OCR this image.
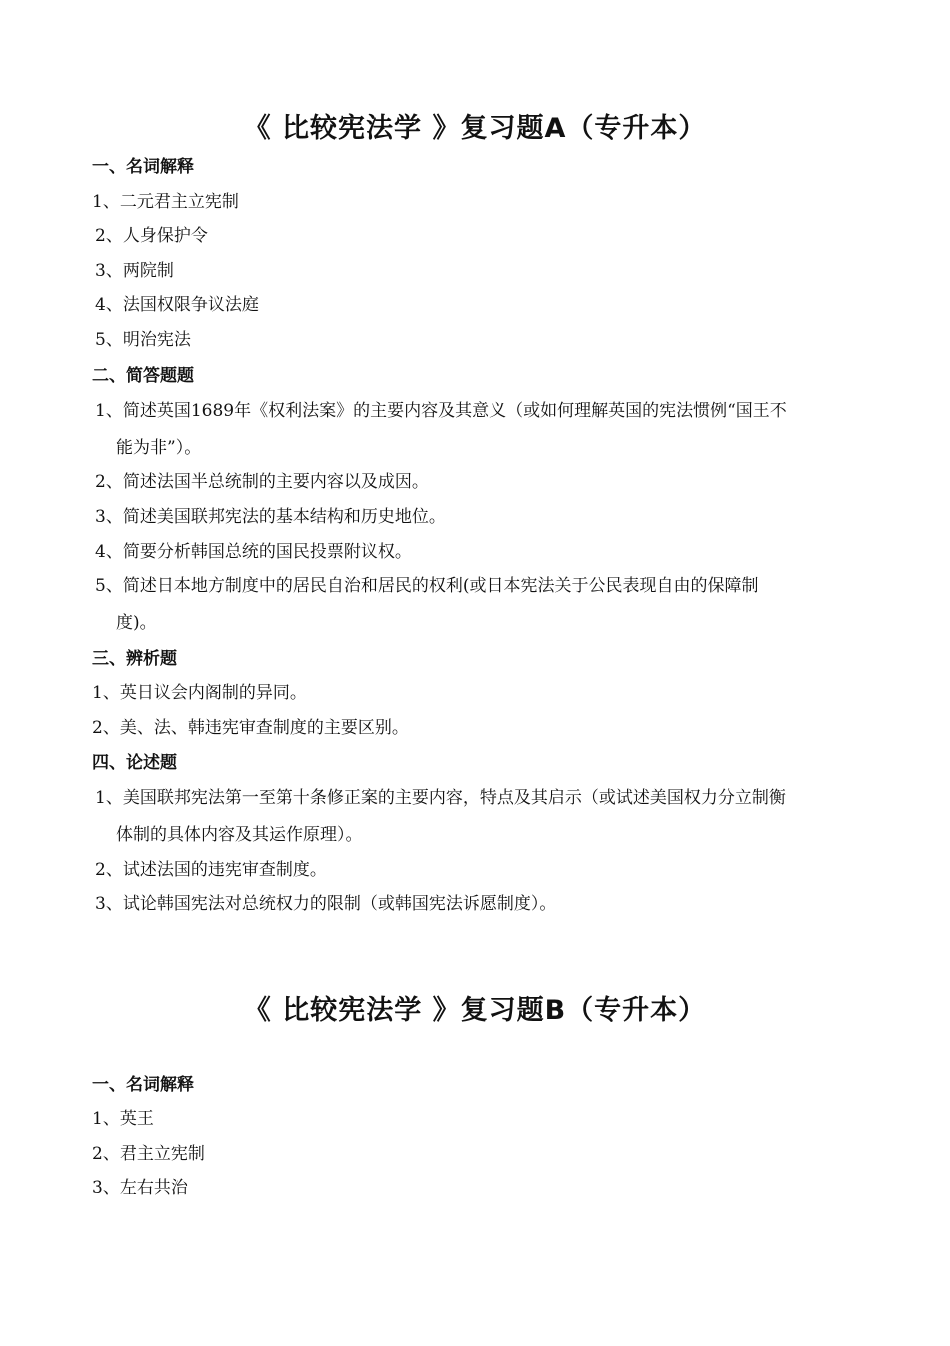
《 比较宪法学 》复习题A（专升本）
一、名词解释
1、二元君主立宪制
2、人身保护令
3、两院制
4、法国权限争议法庭
5、明治宪法
二、简答题题
1、简述英国1689年《权利法案》的主要内容及其意义（或如何理解英国的宪法惯例“国王不
能为非”）。
2、简述法国半总统制的主要内容以及成因。
3、简述美国联邦宪法的基本结构和历史地位。
4、简要分析韩国总统的国民投票附议权。
5、简述日本地方制度中的居民自治和居民的权利(或日本宪法关于公民表现自由的保障制
度)。
三、辨析题
1、英日议会内阁制的异同。
2、美、法、韩违宪审查制度的主要区别。
四、论述题
1、美国联邦宪法第一至第十条修正案的主要内容，特点及其启示（或试述美国权力分立制衡
体制的具体内容及其运作原理）。
2、试述法国的违宪审查制度。
3、试论韩国宪法对总统权力的限制（或韩国宪法诉愿制度）。
《 比较宪法学 》复习题B（专升本）
一、名词解释
1、英王
2、君主立宪制
3、左右共治
